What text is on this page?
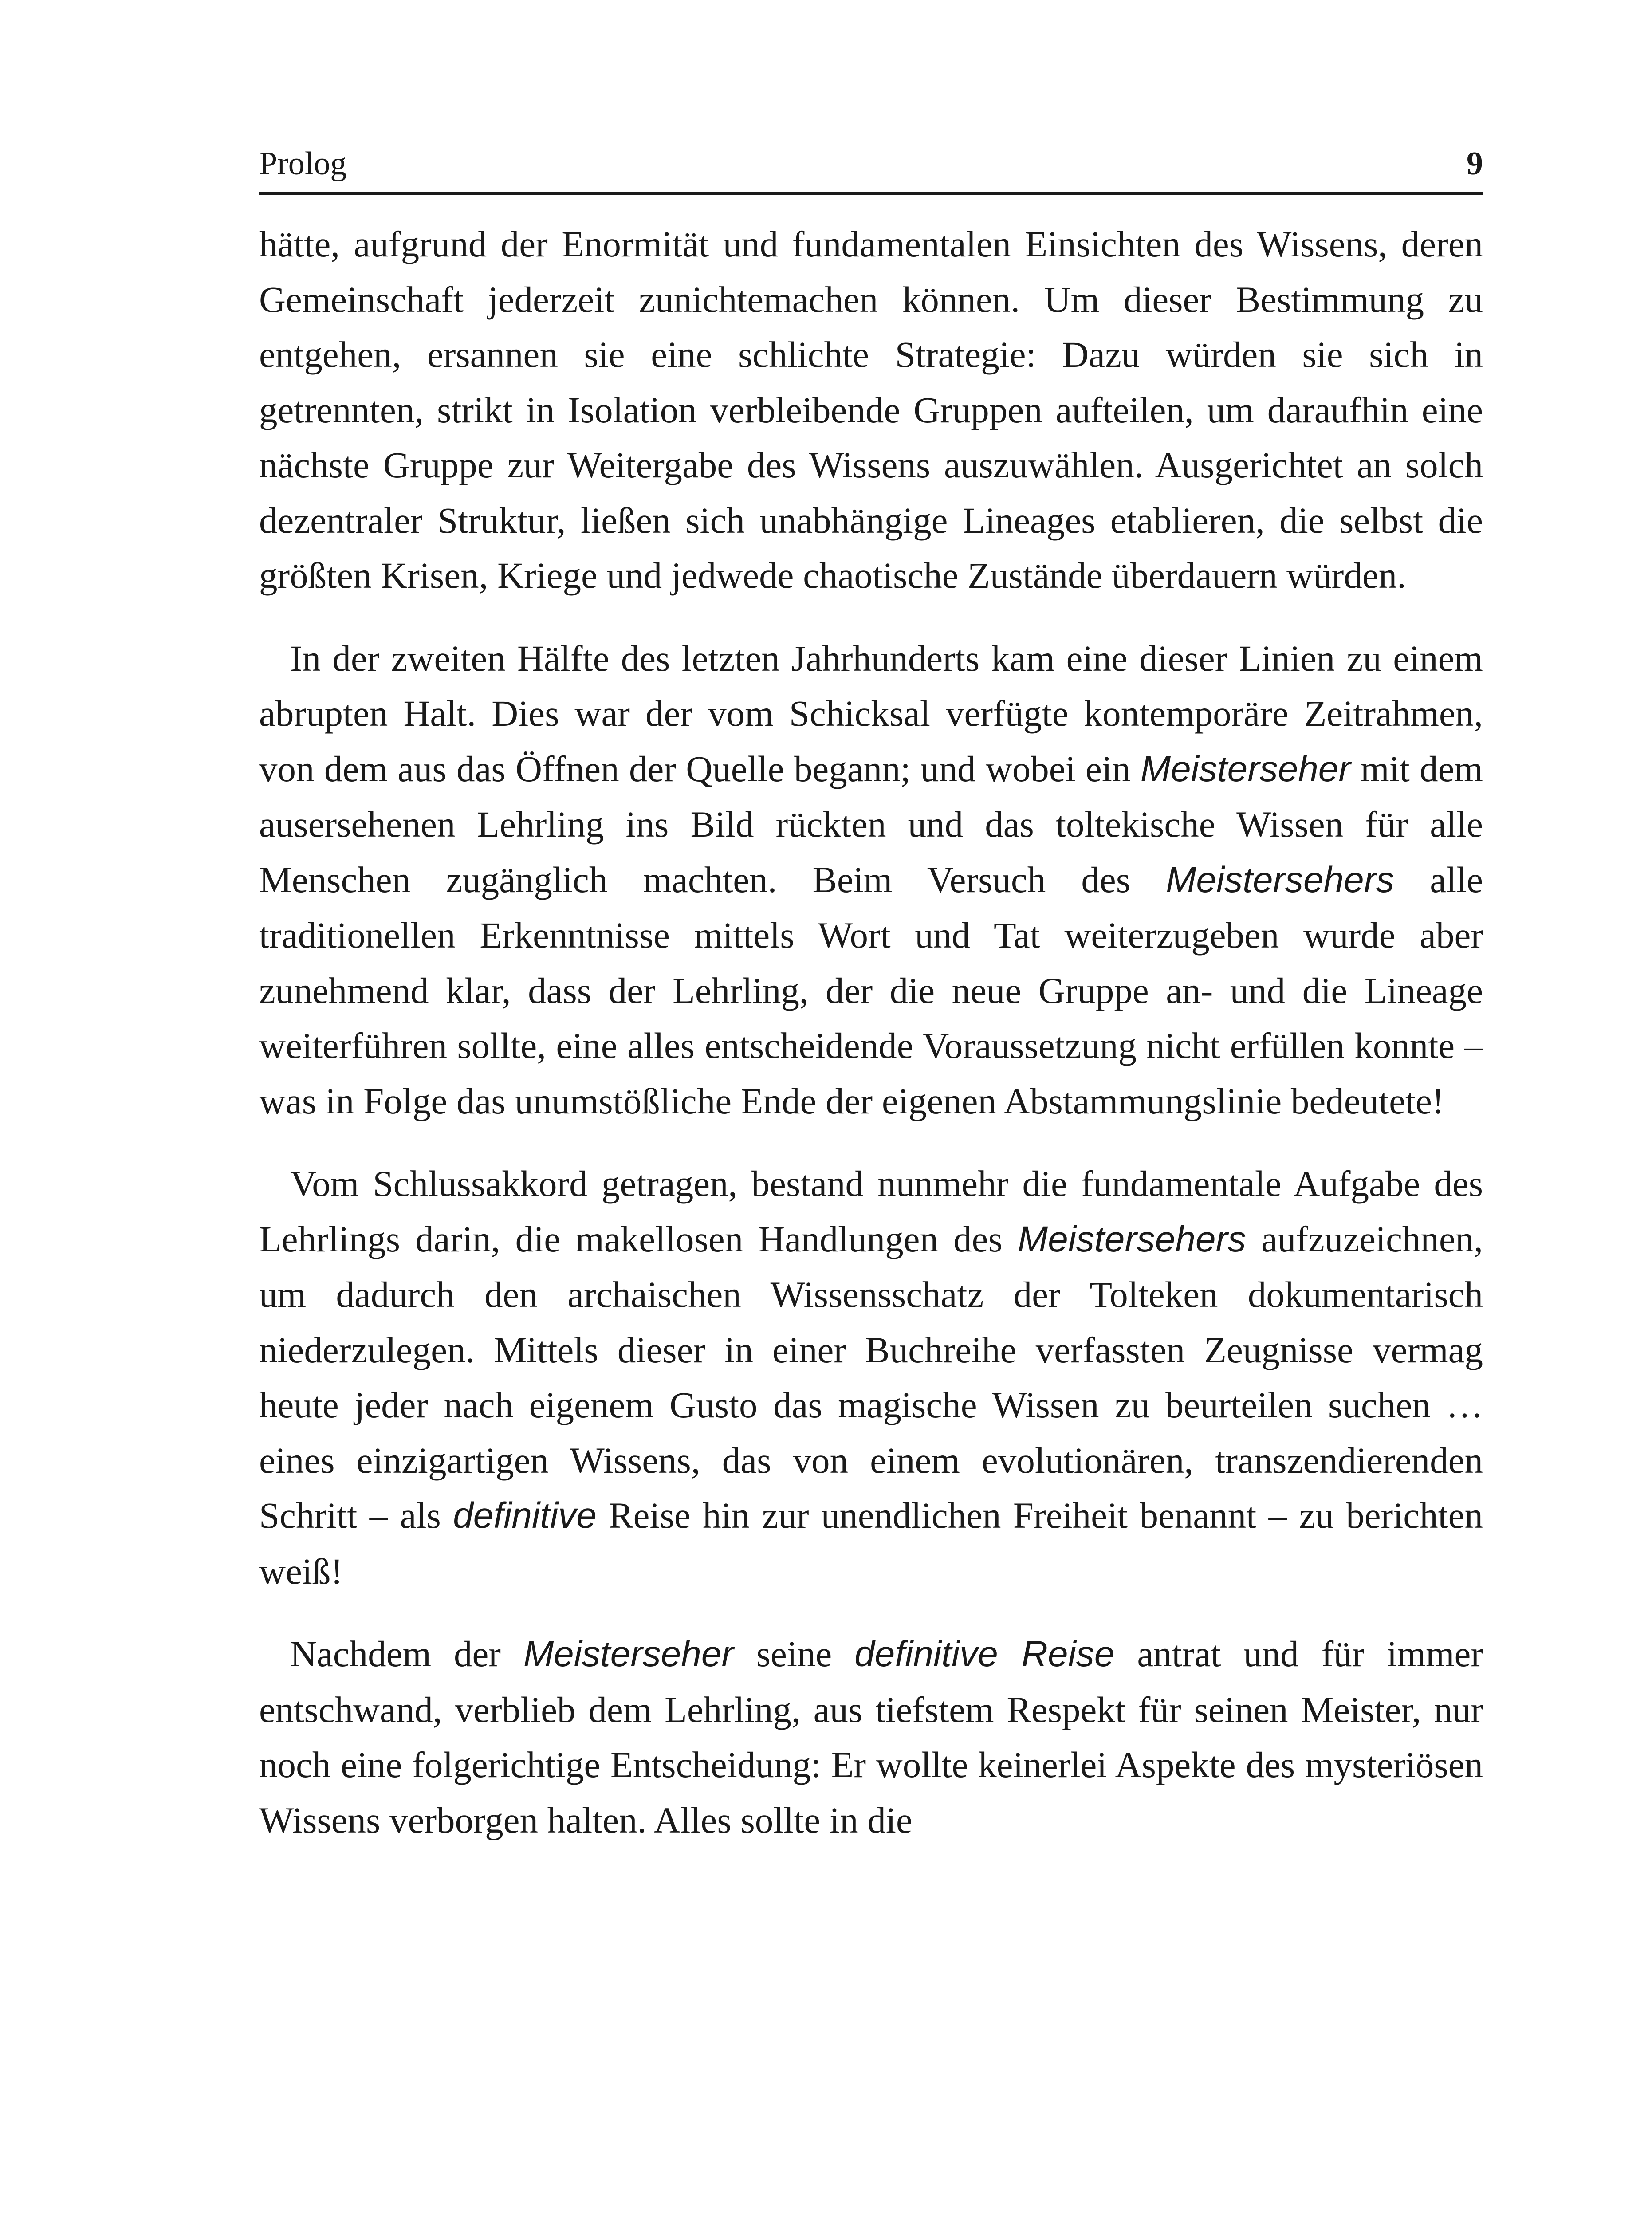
Prolog	9

hätte, aufgrund der Enormität und fundamentalen Einsichten des Wissens, deren Gemeinschaft jederzeit zunichtemachen können. Um dieser Bestimmung zu entgehen, ersannen sie eine schlichte Strategie: Dazu würden sie sich in getrennten, strikt in Isolation verbleibende Gruppen aufteilen, um daraufhin eine nächste Gruppe zur Weitergabe des Wissens auszuwählen. Ausgerichtet an solch dezentraler Struktur, ließen sich unabhängige Lineages etablieren, die selbst die größten Krisen, Kriege und jedwede chaotische Zustände überdauern würden.

In der zweiten Hälfte des letzten Jahrhunderts kam eine dieser Linien zu einem abrupten Halt. Dies war der vom Schicksal verfügte kontemporäre Zeitrahmen, von dem aus das Öffnen der Quelle begann; und wobei ein Meisterseher mit dem ausersehenen Lehrling ins Bild rückten und das toltekische Wissen für alle Menschen zugänglich machten. Beim Versuch des Meistersehers alle traditionellen Erkenntnisse mittels Wort und Tat weiterzugeben wurde aber zunehmend klar, dass der Lehrling, der die neue Gruppe an- und die Lineage weiterführen sollte, eine alles entscheidende Voraussetzung nicht erfüllen konnte – was in Folge das unumstößliche Ende der eigenen Abstammungslinie bedeutete!

Vom Schlussakkord getragen, bestand nunmehr die fundamentale Aufgabe des Lehrlings darin, die makellosen Handlungen des Meistersehers aufzuzeichnen, um dadurch den archaischen Wissensschatz der Tolteken dokumentarisch niederzulegen. Mittels dieser in einer Buchreihe verfassten Zeugnisse vermag heute jeder nach eigenem Gusto das magische Wissen zu beurteilen suchen … eines einzigartigen Wissens, das von einem evolutionären, transzendierenden Schritt – als definitive Reise hin zur unendlichen Freiheit benannt – zu berichten weiß!

Nachdem der Meisterseher seine definitive Reise antrat und für immer entschwand, verblieb dem Lehrling, aus tiefstem Respekt für seinen Meister, nur noch eine folgerichtige Entscheidung: Er wollte keinerlei Aspekte des mysteriösen Wissens verborgen halten. Alles sollte in die
